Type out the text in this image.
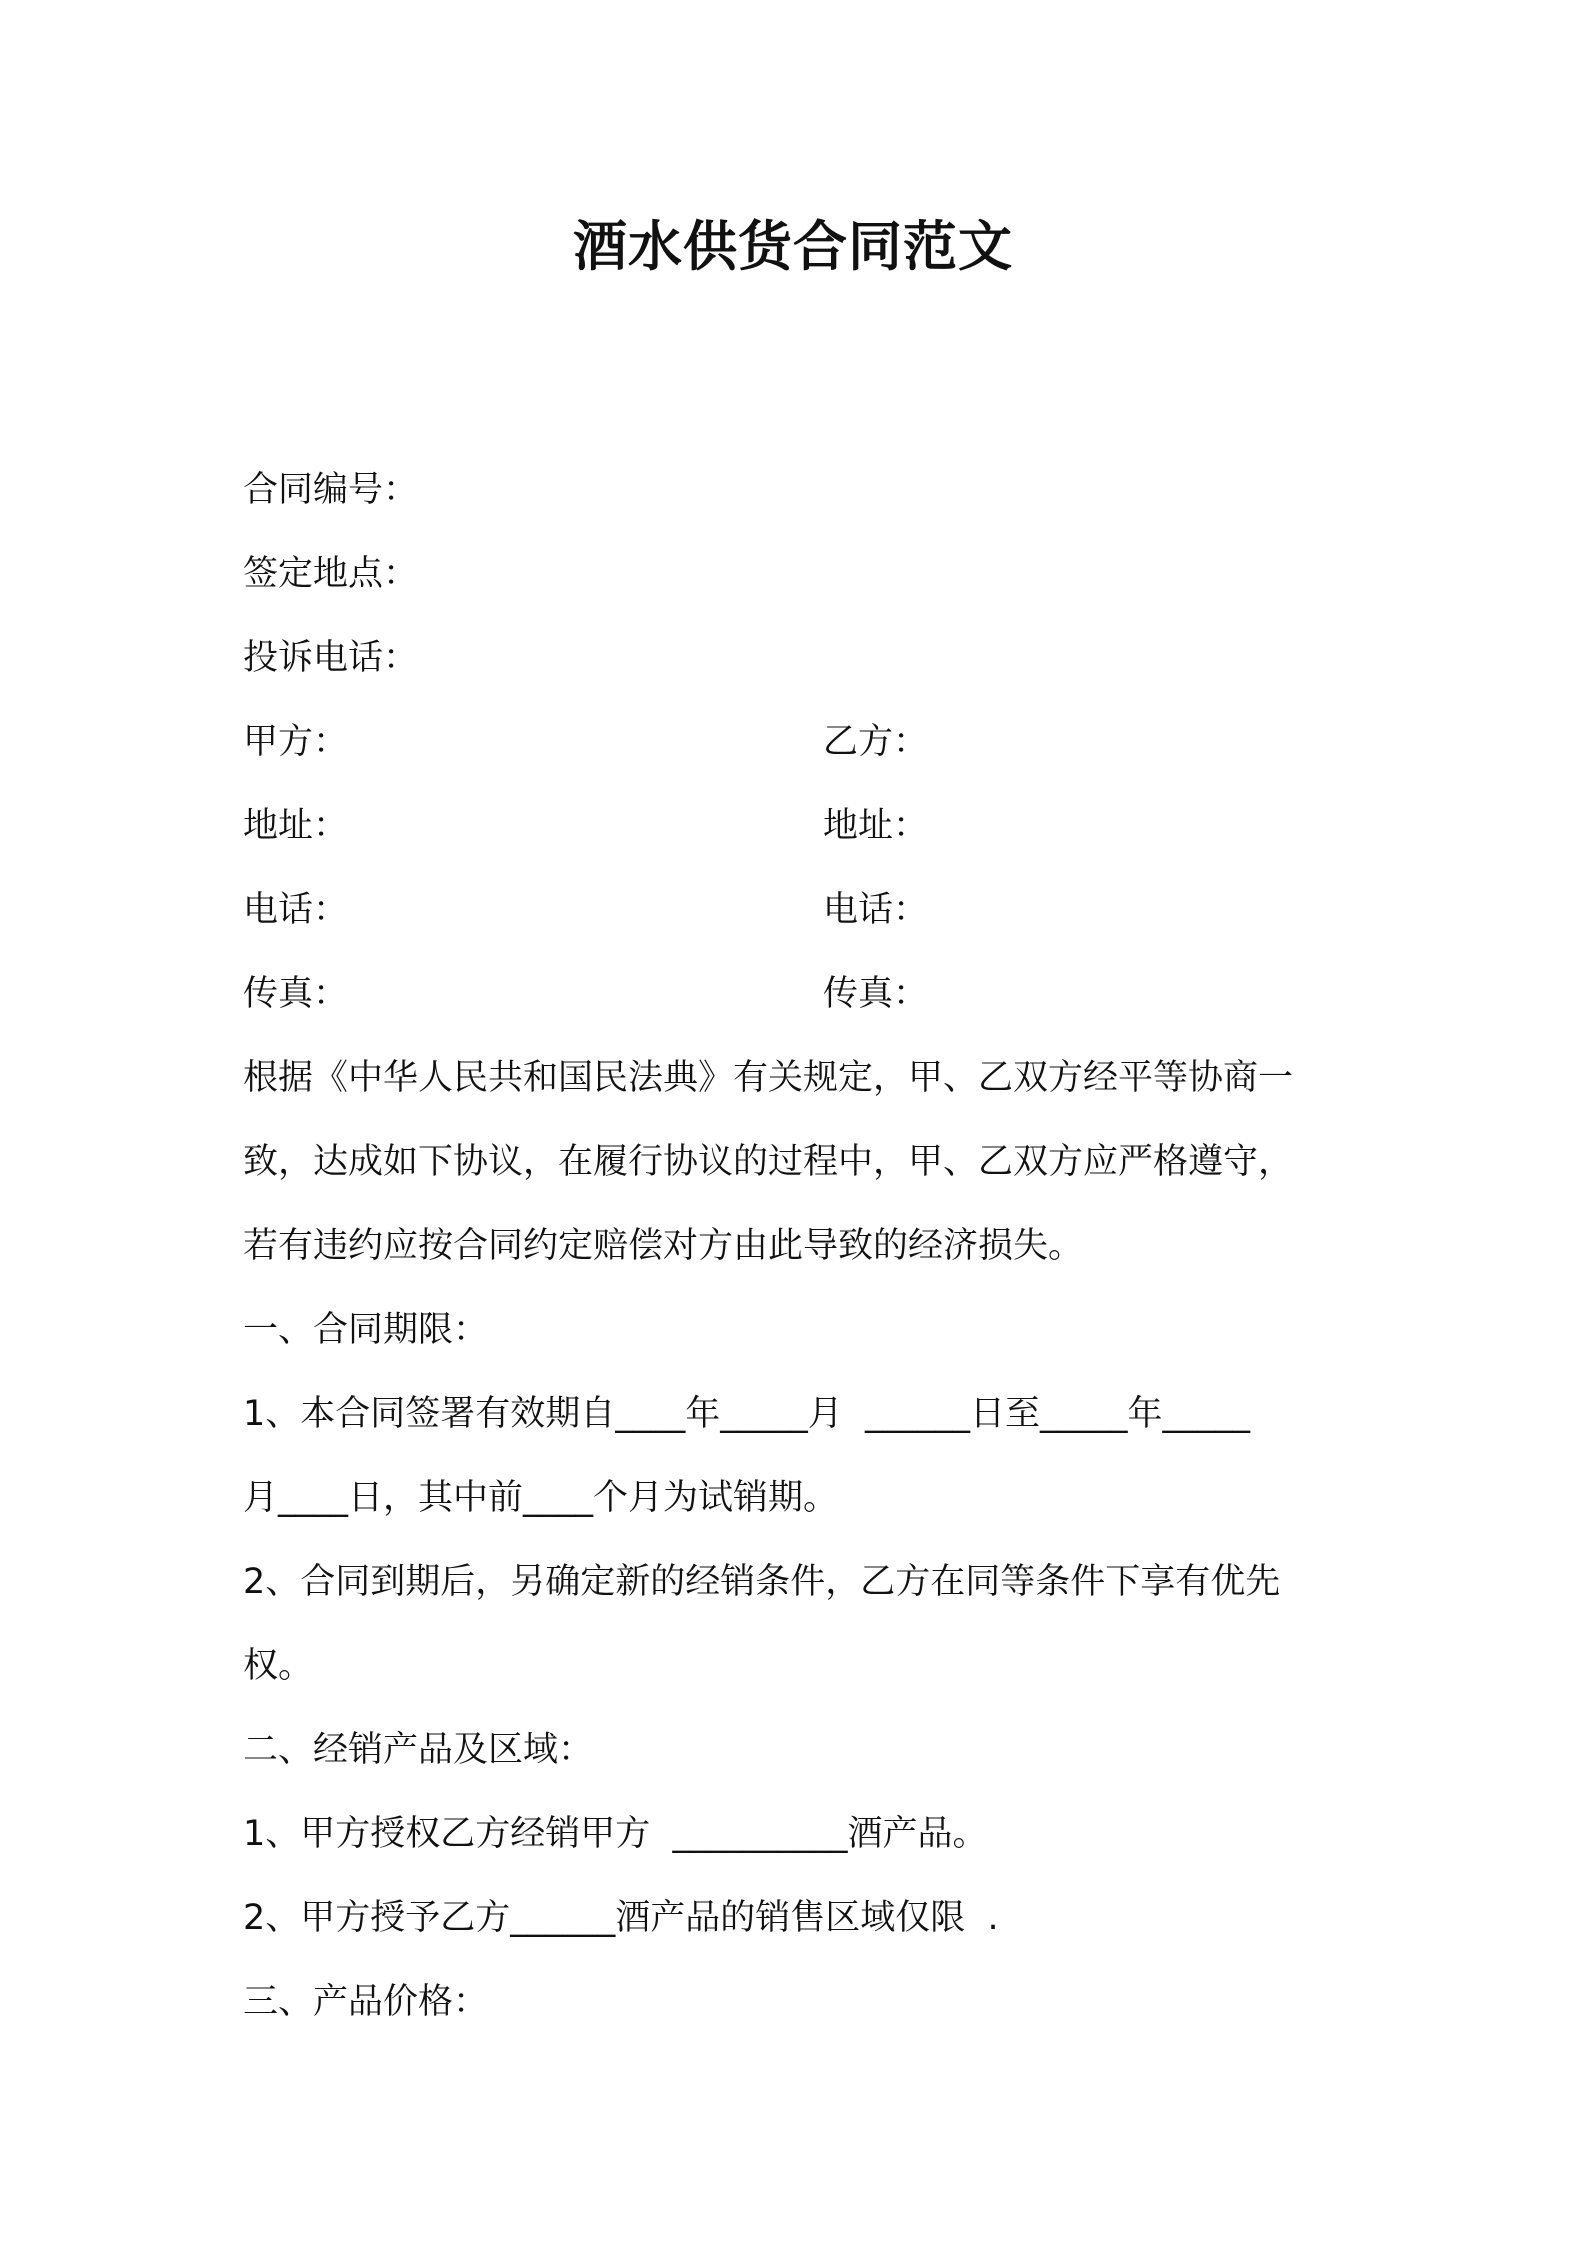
酒水供货合同范文
合同编号：
签定地点：
投诉电话：
甲方：	乙方：
地址：	地址：
电话：	电话：
传真：	传真：
根据《中华人民共和国民法典》有关规定，甲、乙双方经平等协商一
致，达成如下协议，在履行协议的过程中，甲、乙双方应严格遵守，
若有违约应按合同约定赔偿对方由此导致的经济损失。
一、合同期限：
1、本合同签署有效期自____年_____月  ______日至_____年_____
月____日，其中前____个月为试销期。
2、合同到期后，另确定新的经销条件，乙方在同等条件下享有优先
权。
二、经销产品及区域：
1、甲方授权乙方经销甲方  __________酒产品。
2、甲方授予乙方______酒产品的销售区域仅限  .
三、产品价格：
